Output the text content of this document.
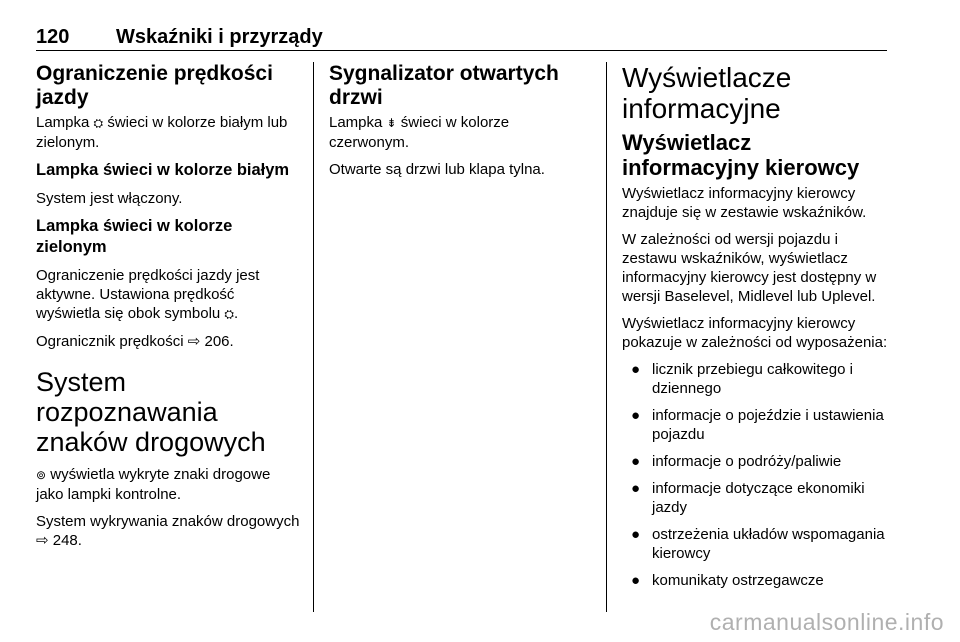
120 Wskaźniki i przyrządy
Ograniczenie prędkości jazdy

Lampka ⛭ świeci w kolorze białym lub zielonym.

Lampka świeci w kolorze białym

System jest włączony.

Lampka świeci w kolorze zielonym

Ograniczenie prędkości jazdy jest aktywne. Ustawiona prędkość wyświetla się obok symbolu ⛭.

Ogranicznik prędkości ⇨ 206.

System rozpoznawania znaków drogowych

⊚ wyświetla wykryte znaki drogowe jako lampki kontrolne.

System wykrywania znaków drogowych ⇨ 248.

Sygnalizator otwartych drzwi

Lampka ⇟ świeci w kolorze czerwonym.

Otwarte są drzwi lub klapa tylna.

Wyświetlacze informacyjne
Wyświetlacz informacyjny kierowcy

Wyświetlacz informacyjny kierowcy znajduje się w zestawie wskaźników.

W zależności od wersji pojazdu i zestawu wskaźników, wyświetlacz informacyjny kierowcy jest dostępny w wersji Baselevel, Midlevel lub Uplevel.

Wyświetlacz informacyjny kierowcy pokazuje w zależności od wyposażenia:

● licznik przebiegu całkowitego i dziennego
● informacje o pojeździe i ustawienia pojazdu
● informacje o podróży/paliwie
● informacje dotyczące ekonomiki jazdy
● ostrzeżenia układów wspomagania kierowcy
● komunikaty ostrzegawcze
carmanualsonline.info
